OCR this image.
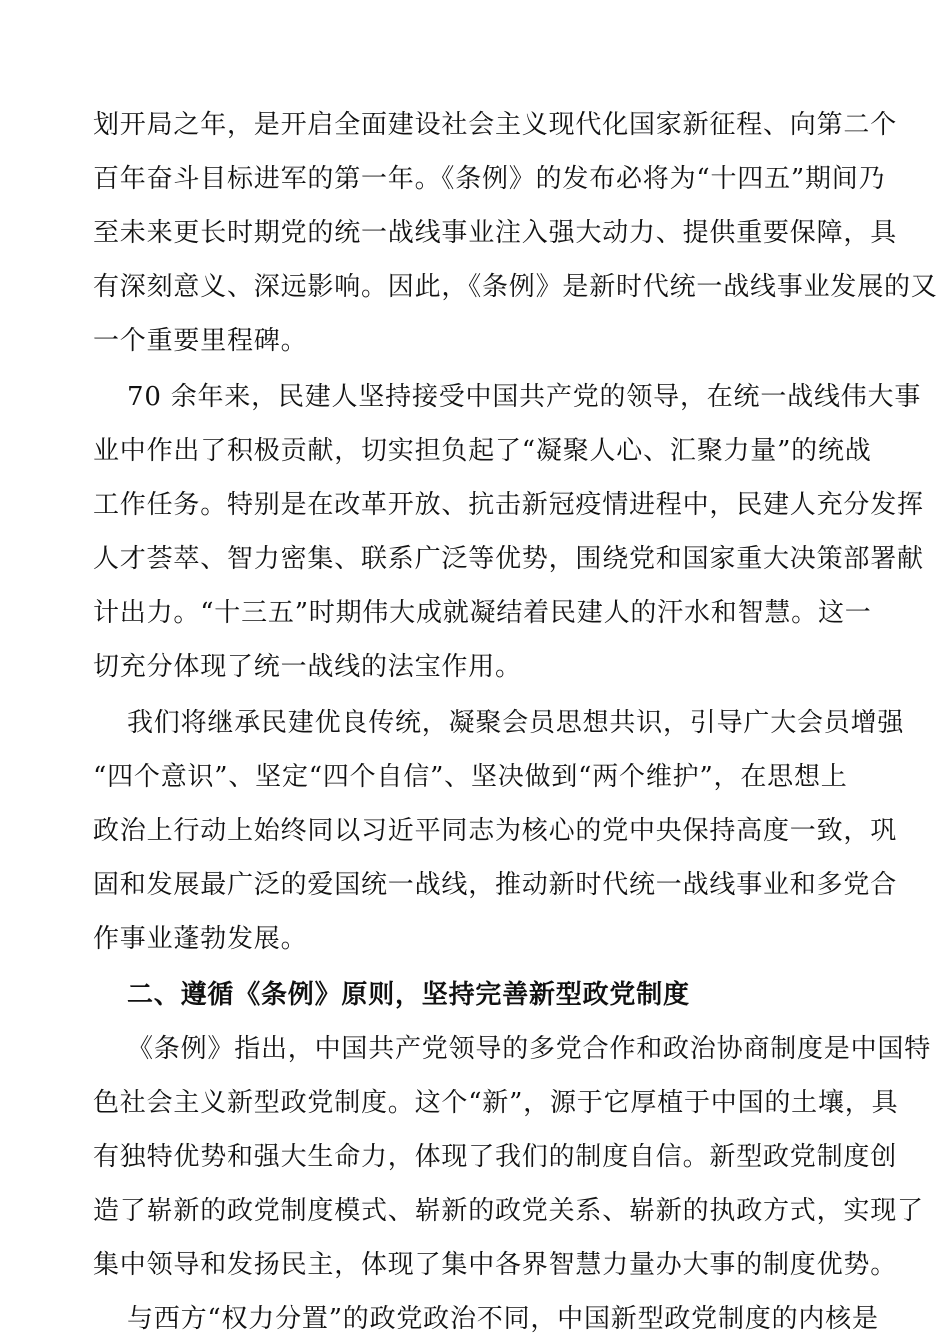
划开局之年，是开启全面建设社会主义现代化国家新征程、向第二个
百年奋斗目标进军的第一年。《条例》的发布必将为“十四五”期间乃
至未来更长时期党的统一战线事业注入强大动力、提供重要保障，具
有深刻意义、深远影响。因此，《条例》是新时代统一战线事业发展的又
一个重要里程碑。
70 余年来，民建人坚持接受中国共产党的领导，在统一战线伟大事
业中作出了积极贡献，切实担负起了“凝聚人心、汇聚力量”的统战
工作任务。特别是在改革开放、抗击新冠疫情进程中，民建人充分发挥
人才荟萃、智力密集、联系广泛等优势，围绕党和国家重大决策部署献
计出力。“十三五”时期伟大成就凝结着民建人的汗水和智慧。这一
切充分体现了统一战线的法宝作用。
我们将继承民建优良传统，凝聚会员思想共识，引导广大会员增强
“四个意识”、坚定“四个自信”、坚决做到“两个维护”，在思想上
政治上行动上始终同以习近平同志为核心的党中央保持高度一致，巩
固和发展最广泛的爱国统一战线，推动新时代统一战线事业和多党合
作事业蓬勃发展。
二、遵循《条例》原则，坚持完善新型政党制度
《条例》指出，中国共产党领导的多党合作和政治协商制度是中国特
色社会主义新型政党制度。这个“新”，源于它厚植于中国的土壤，具
有独特优势和强大生命力，体现了我们的制度自信。新型政党制度创
造了崭新的政党制度模式、崭新的政党关系、崭新的执政方式，实现了
集中领导和发扬民主，体现了集中各界智慧力量办大事的制度优势。
与西方“权力分置”的政党政治不同，中国新型政党制度的内核是
